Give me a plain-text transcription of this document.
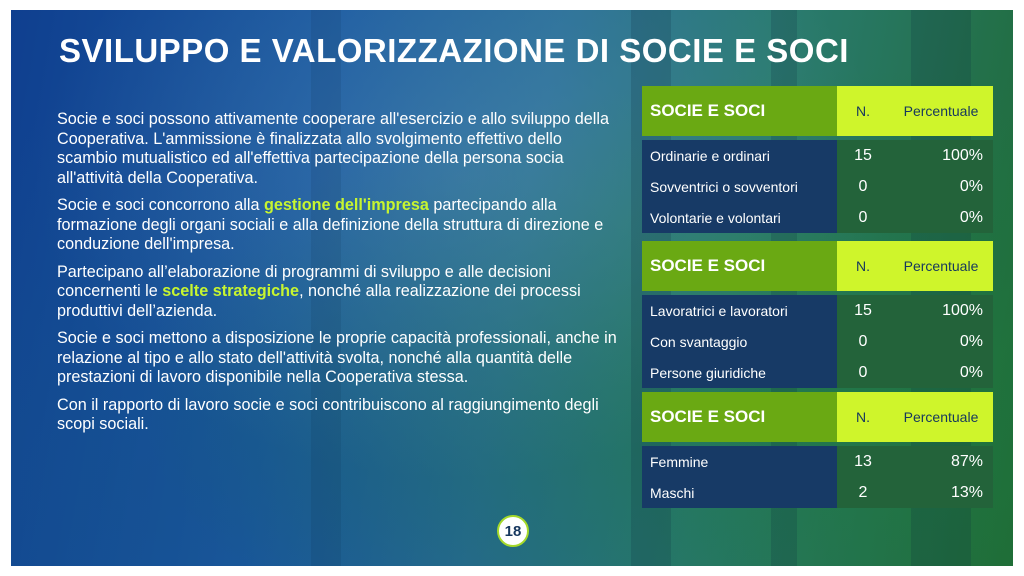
SVILUPPO E VALORIZZAZIONE DI SOCIE E SOCI

Socie e soci possono attivamente cooperare all'esercizio e allo sviluppo della Cooperativa. L'ammissione è finalizzata allo svolgimento effettivo dello scambio mutualistico ed all'effettiva partecipazione della persona socia all'attività della Cooperativa.

Socie e soci concorrono alla gestione dell'impresa partecipando alla formazione degli organi sociali e alla definizione della struttura di direzione e conduzione dell'impresa.

Partecipano all’elaborazione di programmi di sviluppo e alle decisioni concernenti le scelte strategiche, nonché alla realizzazione dei processi produttivi dell’azienda.

Socie e soci mettono a disposizione le proprie capacità professionali, anche in relazione al tipo e allo stato dell'attività svolta, nonché alla quantità delle prestazioni di lavoro disponibile nella Cooperativa stessa.

Con il rapporto di lavoro socie e soci contribuiscono al raggiungimento degli scopi sociali.

SOCIE E SOCI	N.	Percentuale
Ordinarie e ordinari	15	100%
Sovventrici o sovventori	0	0%
Volontarie e volontari	0	0%
SOCIE E SOCI	N.	Percentuale
Lavoratrici e lavoratori	15	100%
Con svantaggio	0	0%
Persone giuridiche	0	0%
SOCIE E SOCI	N.	Percentuale
Femmine	13	87%
Maschi	2	13%
18
